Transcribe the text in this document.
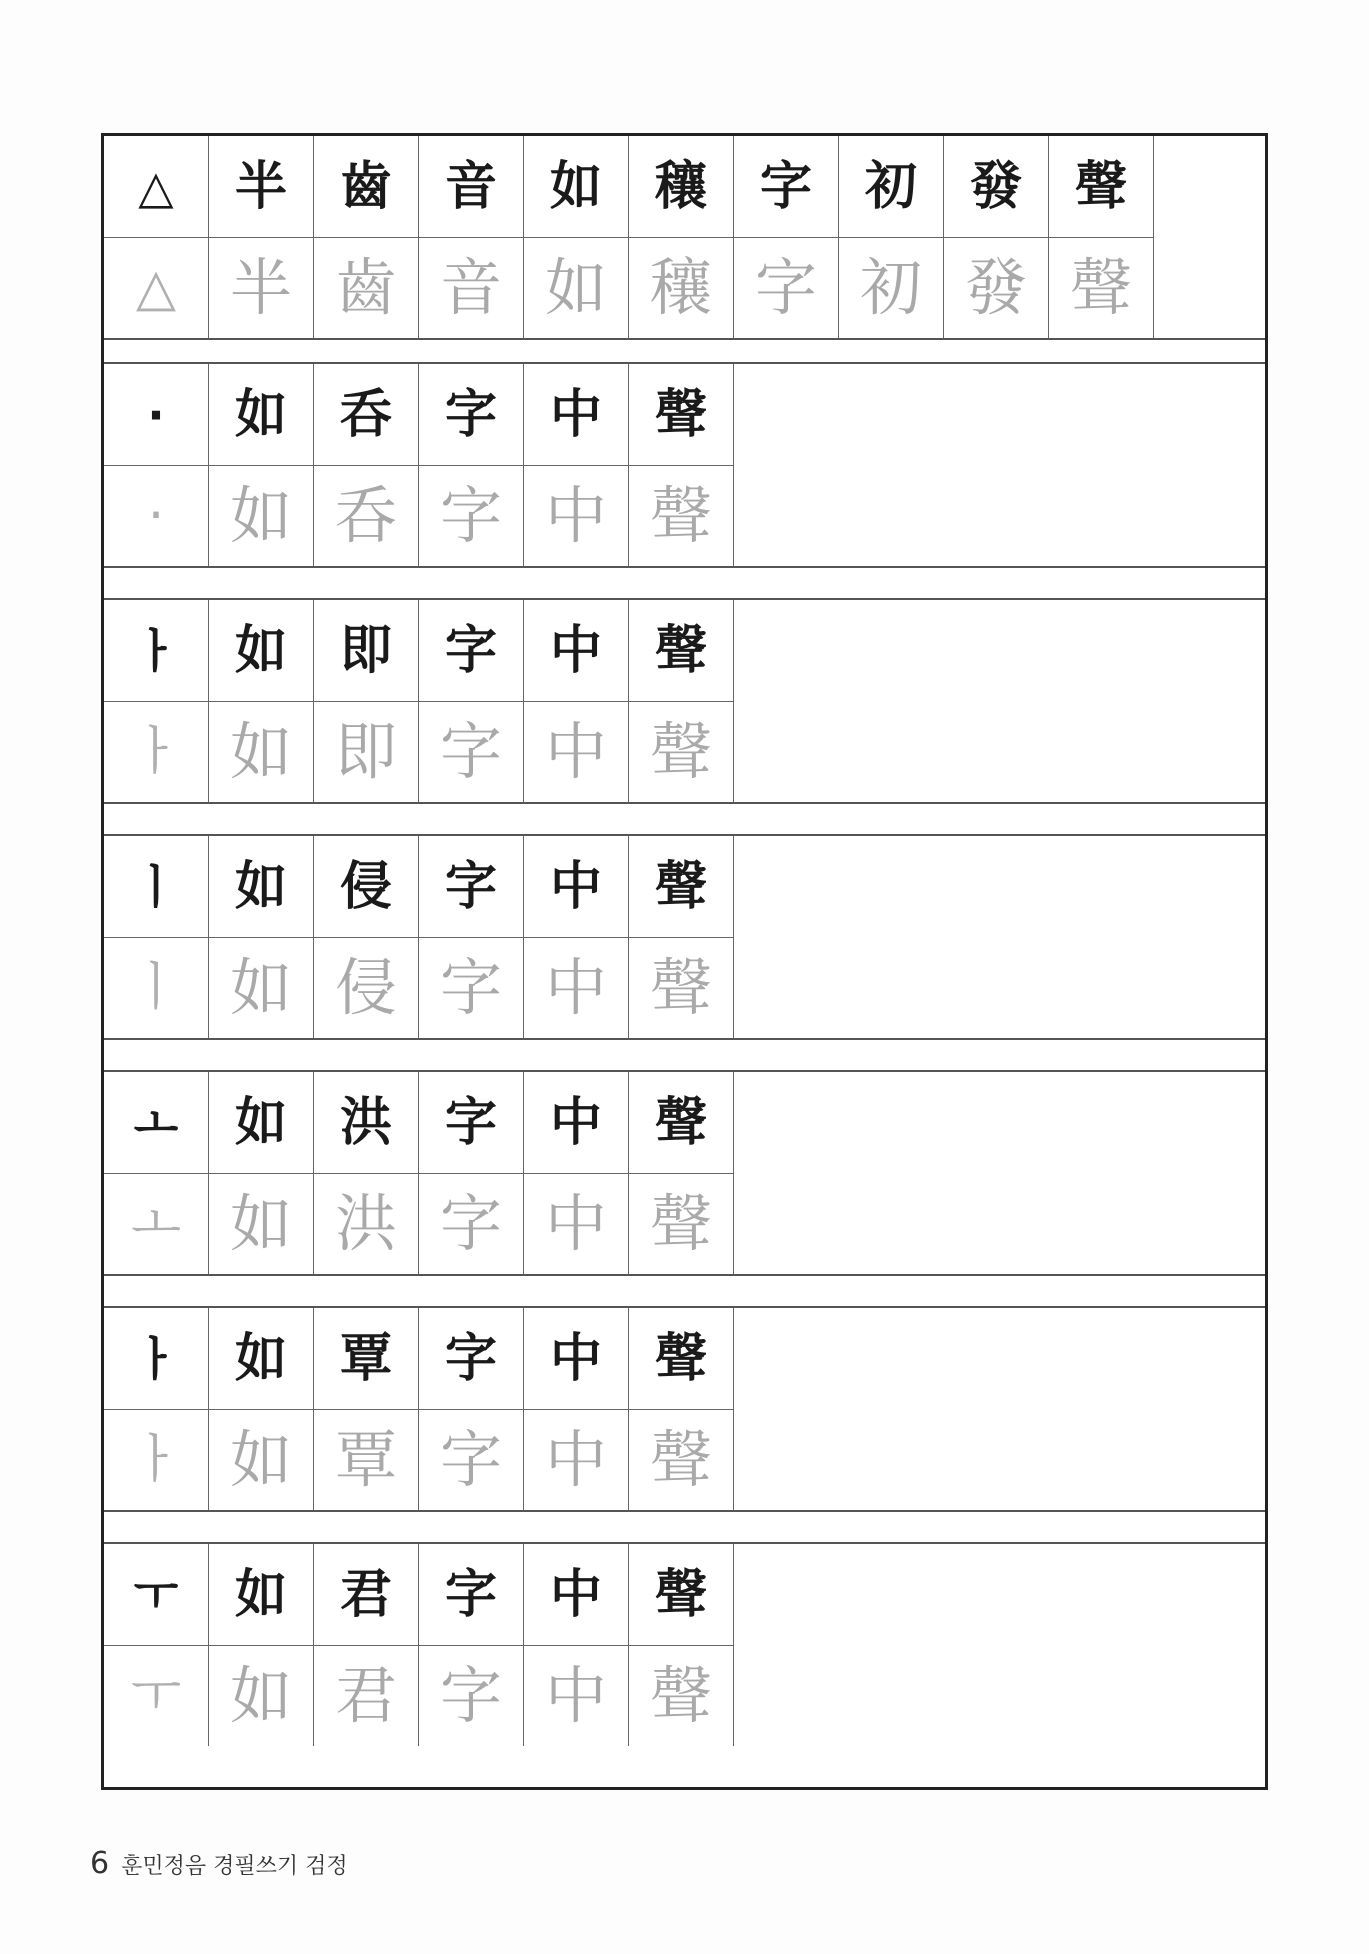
△	半	齒	音	如	穰	字	初	發	聲
△ 半 齒 音 如 穰 字 初 發 聲
·	如	呑	字	中	聲
·	如 呑 字 中 聲
ㅏ	如	即	字	中	聲
ㅏ 如 即 字 中 聲
ㅣ	如	侵	字	中	聲
ㅣ 如 侵 字 中 聲
ㅗ	如	洪	字	中	聲
ㅗ 如 洪 字 中 聲
ㅏ	如	覃	字	中	聲
ㅏ 如 覃 字 中 聲
ㅜ	如	君	字	中	聲
ㅜ 如 君 字 中 聲
6 훈민정음 경필쓰기 검정
